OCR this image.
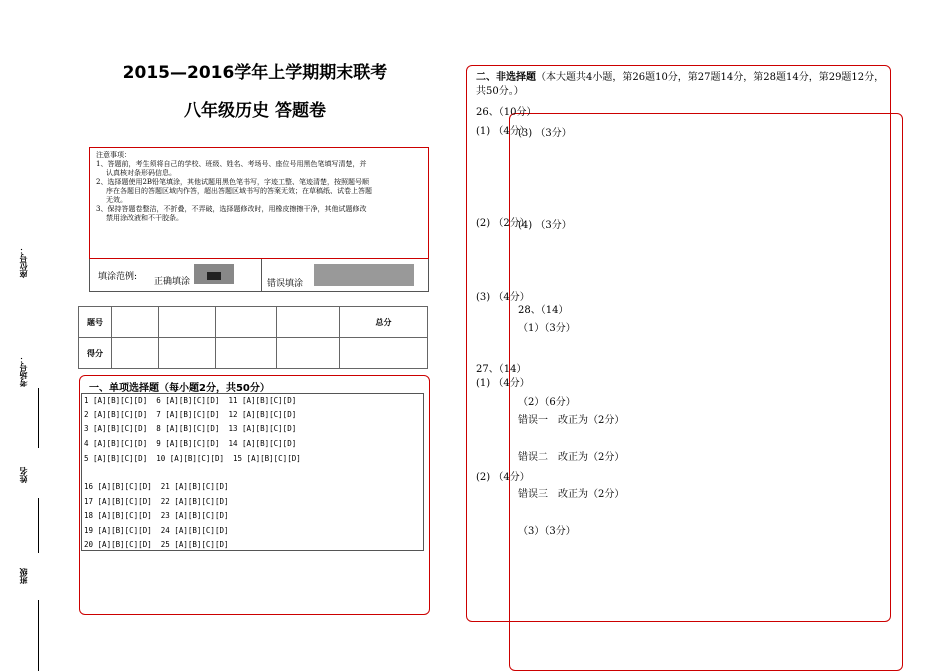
2015—2016学年上学期期末联考
八年级历史 答题卷

注意事项：

1、答题前，考生须将自己的学校、班级、姓名、考场号、座位号用黑色笔填写清楚，并

认真核对条形码信息。

2、选择题使用2B铅笔填涂，其他试题用黑色笔书写，字迹工整、笔迹清楚，按照题号顺

序在各题目的答题区域内作答，超出答题区域书写的答案无效；在草稿纸、试卷上答题

无效。

3、保持答题卷整洁，不折叠，不弄破，选择题修改时，用橡皮擦擦干净，其他试题修改

禁用涂改液和不干胶条。

填涂范例: 正确填涂	错误填涂
座位号：
考场号：
姓名
班级
题号					总分
得分					
一、单项选择题（每小题2分，共50分）
1 [A][B][C][D]  6 [A][B][C][D]  11 [A][B][C][D]
2 [A][B][C][D]  7 [A][B][C][D]  12 [A][B][C][D]
3 [A][B][C][D]  8 [A][B][C][D]  13 [A][B][C][D]
4 [A][B][C][D]  9 [A][B][C][D]  14 [A][B][C][D]
5 [A][B][C][D]  10 [A][B][C][D]  15 [A][B][C][D]
16 [A][B][C][D]  21 [A][B][C][D]
17 [A][B][C][D]  22 [A][B][C][D]
18 [A][B][C][D]  23 [A][B][C][D]
19 [A][B][C][D]  24 [A][B][C][D]
20 [A][B][C][D]  25 [A][B][C][D]
二、非选择题（本大题共4小题，第26题10分，第27题14分，第28题14分，第29题12分，共50分。）
26、（10分）
(1) （4分）
(3) （3分）
(2) （2分）
(4) （3分）
(3) （4分）
28、（14）
（1）（3分）
27、（14）
(1) （4分）
（2）（6分）
错误一　改正为（2分）
错误二　改正为（2分）
(2) （4分）
错误三　改正为（2分）
（3）（3分）
